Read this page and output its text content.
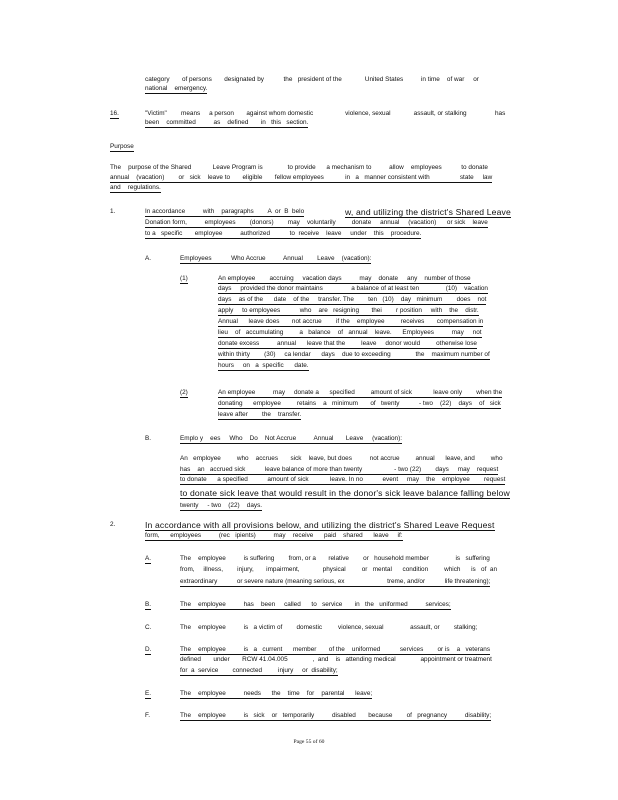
category       of persons       designated by           the   president of the             United States          in time    of war     or
national    emergency.
16.	"Victim"        means     a person       against whom domestic                  violence, sexual             assault, or stalking                has
been    committed          as    defined       in   this   section.
Purpose
The    purpose of the Shared            Leave Program is              to provide      a mechanism to          allow    employees           to donate
annual    (vacation)        or   sick    leave to       eligible       fellow employees            in   a   manner consistent with                 state     law
and    regulations.
1.	In accordance          with    paragraphs        A  or  B  belo
Donation form,          employees        (donors)        may    voluntarily         donate     annual     (vacation)      or sick    leave
to a   specific       employee          authorized           to  receive    leave     under    this    procedure.
Employees           Who Accrue          Annual        Leave    (vacation):
(1)	An employee        accruing     vacation days          may    donate     any    number of those
days     provided the donor maintains                a balance of at least ten               (10)    vacation
days    as of the      date    of the     transfer. The        ten   (10)    day   minimum        does    not
apply     to employees           who    are   resigning       thei        r position     with    the    distr.
Annual      leave does       not accrue        if the    employee         receives       compensation in
lieu    of   accumulating         a   balance    of   annual    leave.      Employees          may     not
donate excess          annual      leave that the         leave     donor would         otherwise lose
within thirty        (30)     ca lendar      days    due to exceeding              the    maximum number of
hours     on   a  specific      date.
(2)	An employee          may     donate a      specified         amount of sick            leave only        when the
donating      employee         retains    a   minimum       of   twenty           - two    (22)    days    of   sick
leave after        the    transfer.
Emplo y    ees     Who    Do    Not Accrue          Annual       Leave     (vacation):
An   employee         who    accrues       sick    leave, but does          not accrue         annual      leave, and         who
has    an   accrued sick           leave balance of more than twenty                  - two (22)        days     may    request
to donate      a specified           amount of sick            leave. In no           event     may    the    employee        request
twenty     - two    (22)    days.
2.
form,      employees          (rec   ipients)          may    receive      paid    shared      leave     if:
A.	The    employee          is suffering        from, or a       relative        or   household member               is   suffering
from,     illness,        injury,       impairment,             physical         or   mental      condition         which      is   of  an
extraordinary           or severe nature (meaning serious, ex                        treme, and/or           life threatening);
B.	The    employee          has    been     called      to   service       in   the   uniformed          services;
C.	The    employee          is   a victim of        domestic         violence, sexual               assault, or        stalking;
D.	The    employee          is   a   current      member       of the    uniformed           services        or is    a   veterans
defined       under       RCW 41.04.005              ,  and    is   attending medical              appointment or treatment
for  a  service        connected         injury     or  disability;
E.	The    employee          needs      the    time    for    parental      leave;
F.	The    employee          is   sick    or   temporarily          disabled       because        of   pregnancy          disability;
w, and utilizing the district's Shared Leave
to donate sick leave that would result in the donor's sick leave balance falling below
In accordance with all provisions below, and utilizing the district's Shared Leave Request
A.
B.
Page 55 of 60
